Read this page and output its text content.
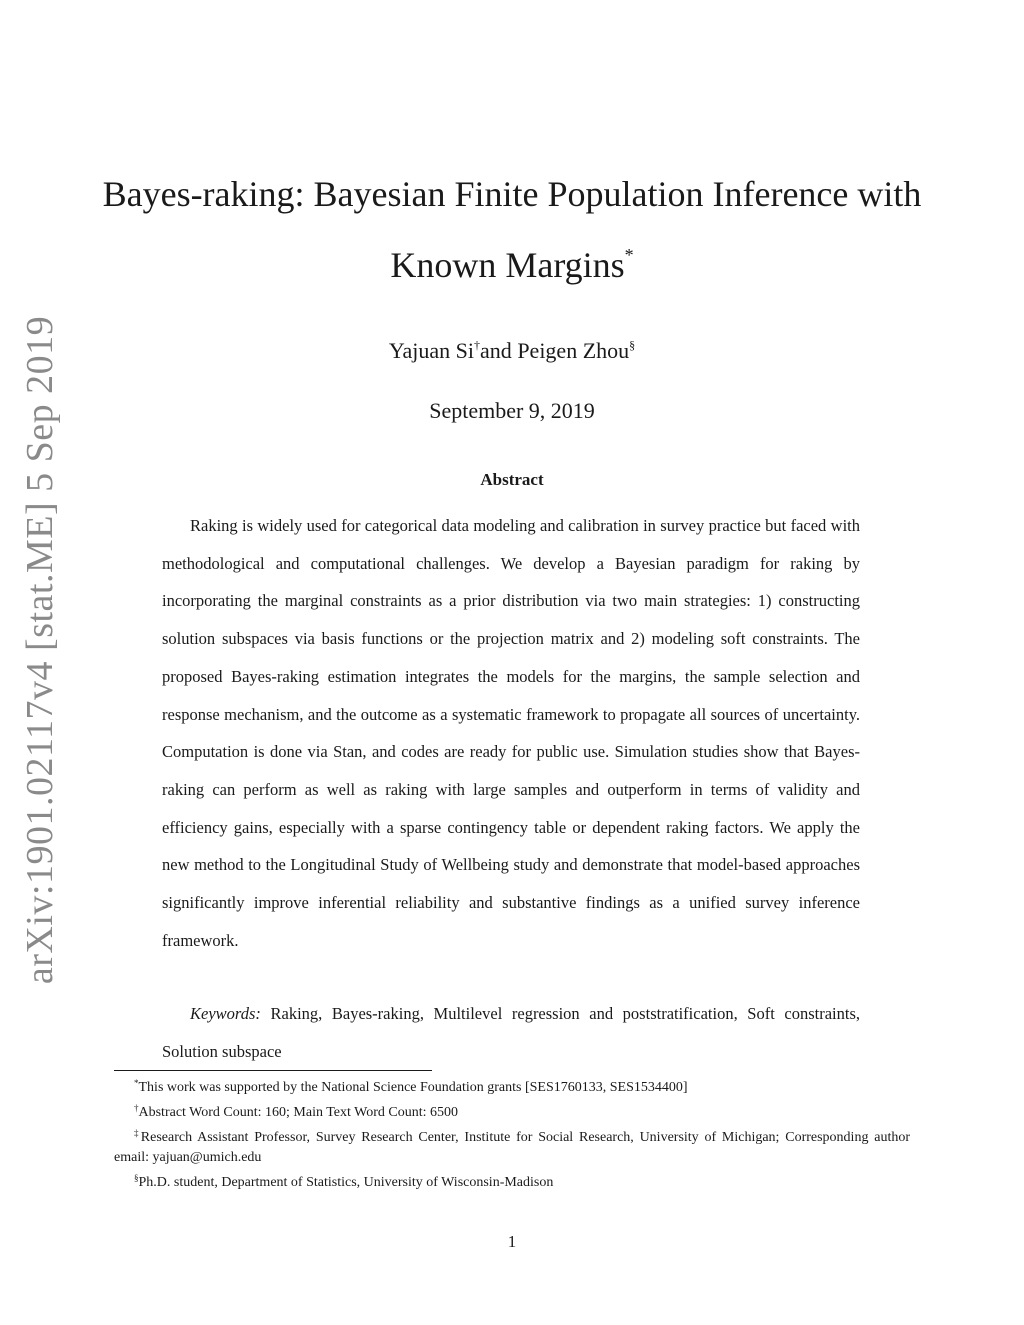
arXiv:1901.02117v4 [stat.ME] 5 Sep 2019
Bayes-raking: Bayesian Finite Population Inference with
Known Margins*
Yajuan Si†and Peigen Zhou§
September 9, 2019
Abstract

Raking is widely used for categorical data modeling and calibration in survey practice but faced with methodological and computational challenges. We develop a Bayesian paradigm for raking by incorporating the marginal constraints as a prior distribution via two main strategies: 1) constructing solution subspaces via basis functions or the projection matrix and 2) modeling soft constraints. The proposed Bayes-raking estimation integrates the models for the margins, the sample selection and response mechanism, and the outcome as a systematic framework to propagate all sources of uncertainty. Computation is done via Stan, and codes are ready for public use. Simulation studies show that Bayes-raking can perform as well as raking with large samples and outperform in terms of validity and efficiency gains, especially with a sparse contingency table or dependent raking factors. We apply the new method to the Longitudinal Study of Wellbeing study and demonstrate that model-based approaches significantly improve inferential reliability and substantive findings as a unified survey inference framework.

Keywords: Raking, Bayes-raking, Multilevel regression and poststratification, Soft constraints, Solution subspace

*This work was supported by the National Science Foundation grants [SES1760133, SES1534400]

†Abstract Word Count: 160; Main Text Word Count: 6500

‡Research Assistant Professor, Survey Research Center, Institute for Social Research, University of Michigan; Corresponding author email: yajuan@umich.edu

§Ph.D. student, Department of Statistics, University of Wisconsin-Madison

1
